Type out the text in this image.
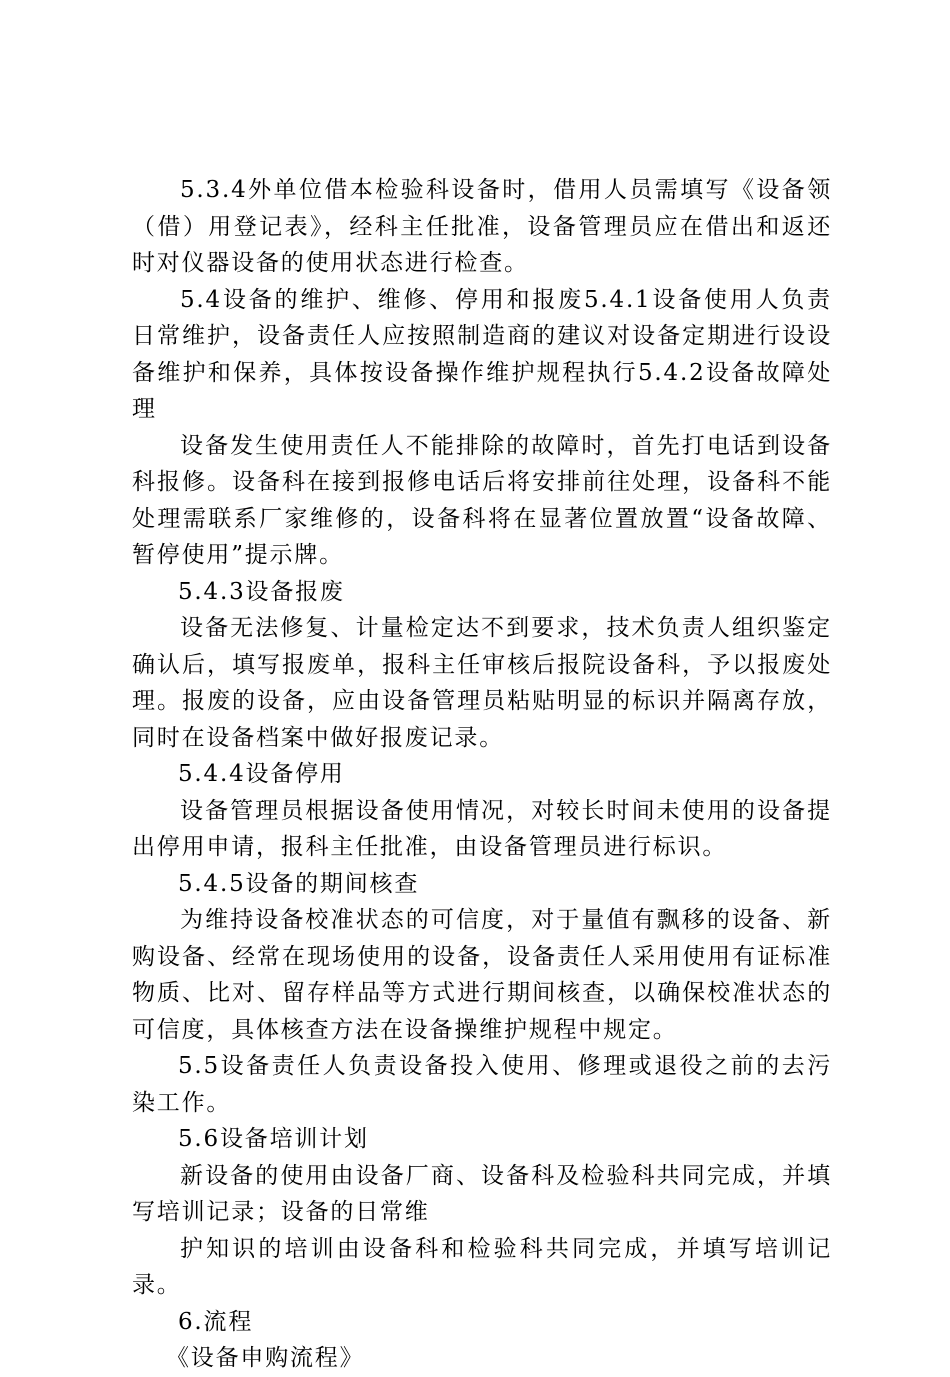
5.3.4外单位借本检验科设备时，借用人员需填写《设备领（借）用登记表》，经科主任批准，设备管理员应在借出和返还时对仪器设备的使用状态进行检查。

5.4设备的维护、维修、停用和报废5.4.1设备使用人负责日常维护，设备责任人应按照制造商的建议对设备定期进行设设备维护和保养，具体按设备操作维护规程执行5.4.2设备故障处理

设备发生使用责任人不能排除的故障时，首先打电话到设备科报修。设备科在接到报修电话后将安排前往处理，设备科不能处理需联系厂家维修的，设备科将在显著位置放置“设备故障、暂停使用”提示牌。

5.4.3设备报废

设备无法修复、计量检定达不到要求，技术负责人组织鉴定确认后，填写报废单，报科主任审核后报院设备科，予以报废处理。报废的设备，应由设备管理员粘贴明显的标识并隔离存放，同时在设备档案中做好报废记录。

5.4.4设备停用

设备管理员根据设备使用情况，对较长时间未使用的设备提出停用申请，报科主任批准，由设备管理员进行标识。

5.4.5设备的期间核查

为维持设备校准状态的可信度，对于量值有飘移的设备、新购设备、经常在现场使用的设备，设备责任人采用使用有证标准物质、比对、留存样品等方式进行期间核查，以确保校准状态的可信度，具体核查方法在设备操维护规程中规定。

5.5设备责任人负责设备投入使用、修理或退役之前的去污染工作。

5.6设备培训计划

新设备的使用由设备厂商、设备科及检验科共同完成，并填写培训记录；设备的日常维

护知识的培训由设备科和检验科共同完成，并填写培训记录。

6.流程

《设备申购流程》
